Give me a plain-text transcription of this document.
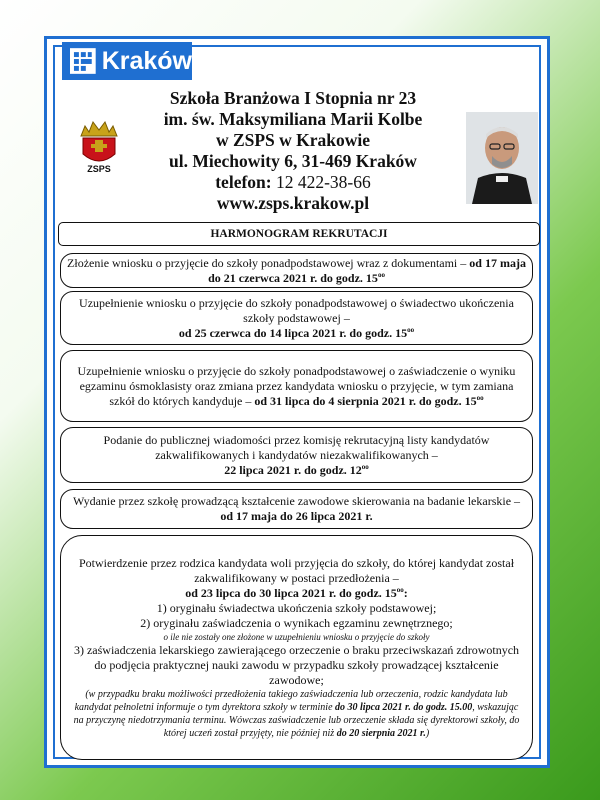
Kraków
ZSPS
Szkoła Branżowa I Stopnia nr 23
im. św. Maksymiliana Marii Kolbe
w ZSPS w Krakowie
ul. Miechowity 6, 31-469 Kraków
telefon: 12 422-38-66
www.zsps.krakow.pl
HARMONOGRAM REKRUTACJI
Złożenie wniosku o przyjęcie do szkoły ponadpodstawowej wraz z dokumentami – od 17 maja do 21 czerwca 2021 r. do godz. $15^{oo}$
Uzupełnienie wniosku o przyjęcie do szkoły ponadpodstawowej o świadectwo ukończenia szkoły podstawowej –
od 25 czerwca do 14 lipca 2021 r. do godz. $15^{oo}$
Uzupełnienie wniosku o przyjęcie do szkoły ponadpodstawowej o zaświadczenie o wyniku egzaminu ósmoklasisty oraz zmiana przez kandydata wniosku o przyjęcie, w tym zamiana szkół do których kandyduje – od 31 lipca do 4 sierpnia 2021 r. do godz. $15^{oo}$
Podanie do publicznej wiadomości przez komisję rekrutacyjną listy kandydatów zakwalifikowanych i kandydatów niezakwalifikowanych –
22 lipca 2021 r. do godz. $12^{oo}$
Wydanie przez szkołę prowadzącą kształcenie zawodowe skierowania na badanie lekarskie – od 17 maja do 26 lipca 2021 r.
Potwierdzenie przez rodzica kandydata woli przyjęcia do szkoły, do której kandydat został zakwalifikowany w postaci przedłożenia –
od 23 lipca do 30 lipca 2021 r. do godz. $15^{oo}$:
1) oryginału świadectwa ukończenia szkoły podstawowej;
2) oryginału zaświadczenia o wynikach egzaminu zewnętrznego;
o ile nie zostały one złożone w uzupełnieniu wniosku o przyjęcie do szkoły
3) zaświadczenia lekarskiego zawierającego orzeczenie o braku przeciwskazań zdrowotnych do podjęcia praktycznej nauki zawodu w przypadku szkoły prowadzącej kształcenie zawodowe;
(w przypadku braku możliwości przedłożenia takiego zaświadczenia lub orzeczenia, rodzic kandydata lub kandydat pełnoletni informuje o tym dyrektora szkoły w terminie do 30 lipca 2021 r. do godz. 15.00, wskazując na przyczynę niedotrzymania terminu. Wówczas zaświadczenie lub orzeczenie składa się dyrektorowi szkoły, do której uczeń został przyjęty, nie później niż do 20 sierpnia 2021 r.)
